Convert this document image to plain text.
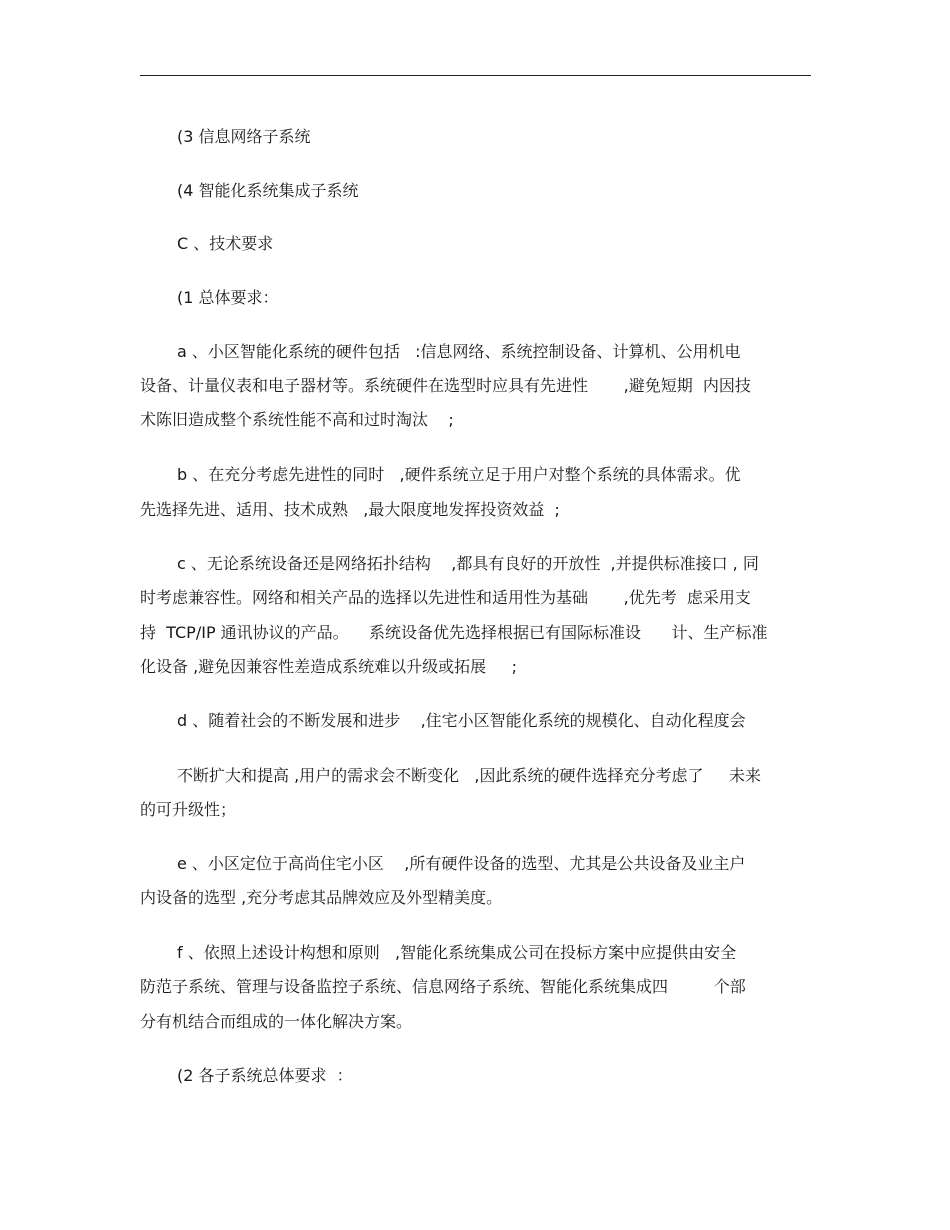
(3 信息网络子系统
(4 智能化系统集成子系统
C 、技术要求
(1 总体要求：
a 、小区智能化系统的硬件包括   :信息网络、系统控制设备、计算机、公用机电
设备、计量仪表和电子器材等。系统硬件在选型时应具有先进性       ,避免短期  内因技
术陈旧造成整个系统性能不高和过时淘汰    ;
b 、在充分考虑先进性的同时   ,硬件系统立足于用户对整个系统的具体需求。优
先选择先进、适用、技术成熟   ,最大限度地发挥投资效益  ;
c 、无论系统设备还是网络拓扑结构    ,都具有良好的开放性  ,并提供标准接口 , 同
时考虑兼容性。网络和相关产品的选择以先进性和适用性为基础       ,优先考  虑采用支
持  TCP/IP 通讯协议的产品。    系统设备优先选择根据已有国际标准设      计、生产标准
化设备 ,避免因兼容性差造成系统难以升级或拓展     ;
d 、随着社会的不断发展和进步    ,住宅小区智能化系统的规模化、自动化程度会
不断扩大和提高 ,用户的需求会不断变化   ,因此系统的硬件选择充分考虑了     未来
的可升级性；
e 、小区定位于高尚住宅小区    ,所有硬件设备的选型、尤其是公共设备及业主户
内设备的选型 ,充分考虑其品牌效应及外型精美度。
f 、依照上述设计构想和原则   ,智能化系统集成公司在投标方案中应提供由安全
防范子系统、管理与设备监控子系统、信息网络子系统、智能化系统集成四         个部
分有机结合而组成的一体化解决方案。
(2 各子系统总体要求  ：
